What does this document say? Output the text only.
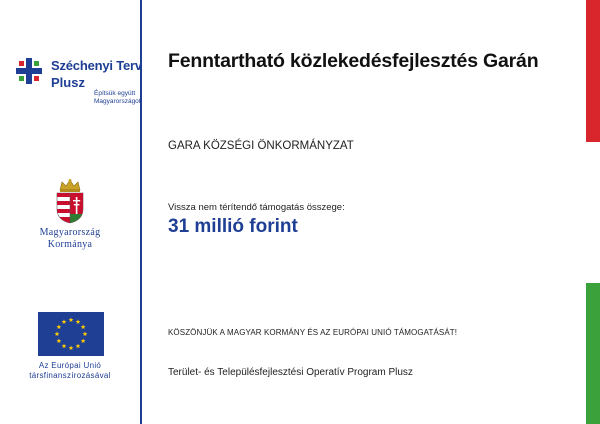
Széchenyi Terv
Plusz
Építsük együtt
Magyarországot!
Magyarország
Kormánya
Az Európai Unió
társfinanszírozásával
Fenntartható közlekedésfejlesztés Garán
GARA KÖZSÉGI ÖNKORMÁNYZAT
Vissza nem térítendő támogatás összege:
31 millió forint
KÖSZÖNJÜK A MAGYAR KORMÁNY ÉS AZ EURÓPAI UNIÓ TÁMOGATÁSÁT!
Terület- és Településfejlesztési Operatív Program Plusz
